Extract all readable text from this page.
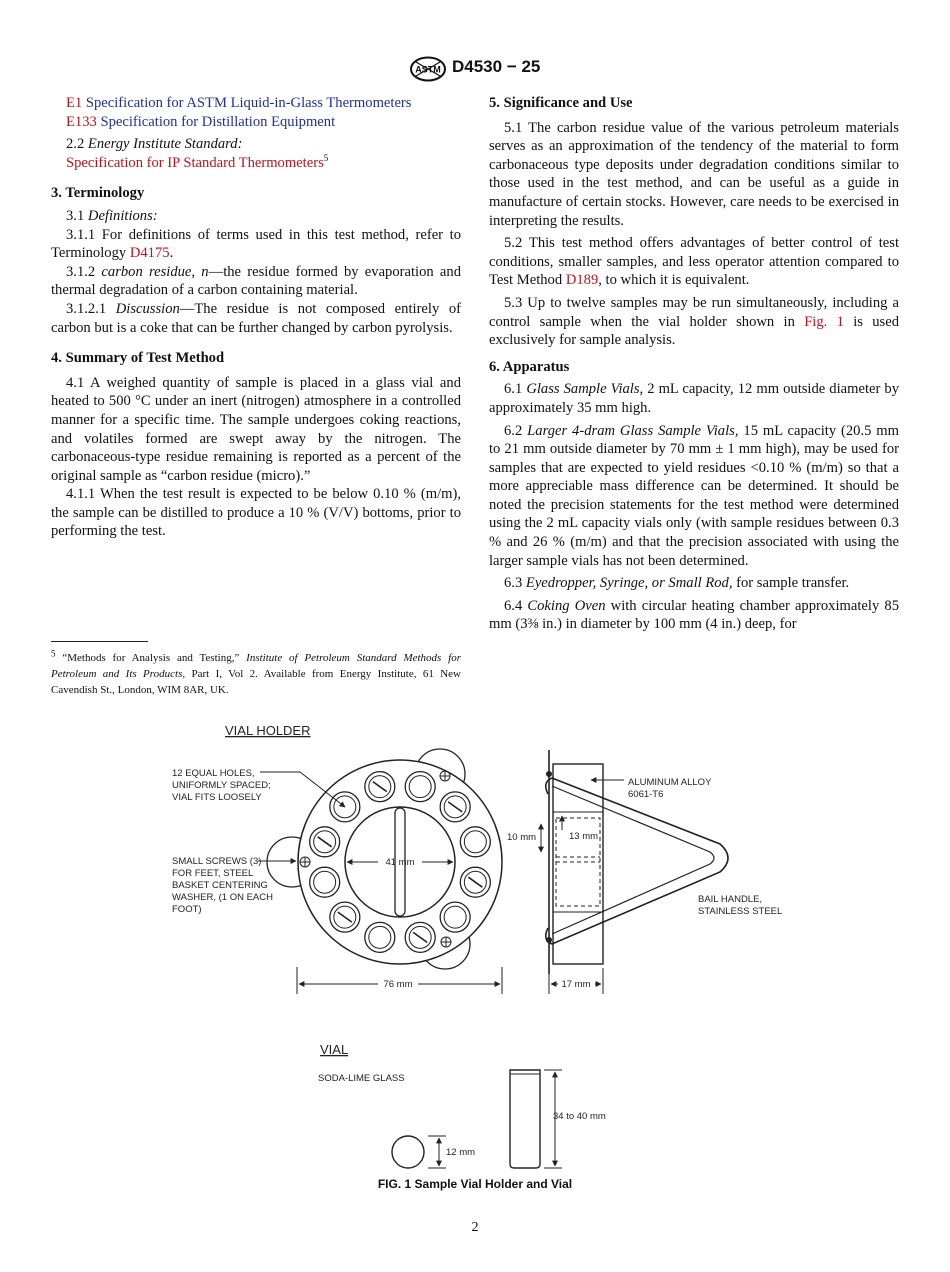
ASTM D4530 − 25

E1 Specification for ASTM Liquid-in-Glass Thermometers

E133 Specification for Distillation Equipment

2.2 Energy Institute Standard:

Specification for IP Standard Thermometers$^5$

3. Terminology

3.1 Definitions:

3.1.1 For definitions of terms used in this test method, refer to Terminology D4175.

3.1.2 carbon residue, n—the residue formed by evaporation and thermal degradation of a carbon containing material.

3.1.2.1 Discussion—The residue is not composed entirely of carbon but is a coke that can be further changed by carbon pyrolysis.

4. Summary of Test Method

4.1 A weighed quantity of sample is placed in a glass vial and heated to 500 °C under an inert (nitrogen) atmosphere in a controlled manner for a specific time. The sample undergoes coking reactions, and volatiles formed are swept away by the nitrogen. The carbonaceous-type residue remaining is reported as a percent of the original sample as “carbon residue (micro).”

4.1.1 When the test result is expected to be below 0.10 % (m/m), the sample can be distilled to produce a 10 % (V/V) bottoms, prior to performing the test.

$^5$ “Methods for Analysis and Testing,” Institute of Petroleum Standard Methods for Petroleum and Its Products, Part I, Vol 2. Available from Energy Institute, 61 New Cavendish St., London, WIM 8AR, UK.

5. Significance and Use

5.1 The carbon residue value of the various petroleum materials serves as an approximation of the tendency of the material to form carbonaceous type deposits under degradation conditions similar to those used in the test method, and can be useful as a guide in manufacture of certain stocks. However, care needs to be exercised in interpreting the results.

5.2 This test method offers advantages of better control of test conditions, smaller samples, and less operator attention compared to Test Method D189, to which it is equivalent.

5.3 Up to twelve samples may be run simultaneously, including a control sample when the vial holder shown in Fig. 1 is used exclusively for sample analysis.

6. Apparatus

6.1 Glass Sample Vials, 2 mL capacity, 12 mm outside diameter by approximately 35 mm high.

6.2 Larger 4-dram Glass Sample Vials, 15 mL capacity (20.5 mm to 21 mm outside diameter by 70 mm ± 1 mm high), may be used for samples that are expected to yield residues <0.10 % (m/m) so that a more appreciable mass difference can be determined. It should be noted the precision statements for the test method were determined using the 2 mL capacity vials only (with sample residues between 0.3 % and 26 % (m/m) and that the precision associated with using the larger sample vials has not been determined.

6.3 Eyedropper, Syringe, or Small Rod, for sample transfer.

6.4 Coking Oven with circular heating chamber approximately 85 mm (3⅜ in.) in diameter by 100 mm (4 in.) deep, for

VIAL HOLDER
41 mm
76 mm
12 EQUAL HOLES,
UNIFORMLY SPACED;
VIAL FITS LOOSELY
SMALL SCREWS (3)
FOR FEET, STEEL
BASKET CENTERING
WASHER, (1 ON EACH
FOOT)
ALUMINUM ALLOY
6061-T6
10 mm	13 mm
BAIL HANDLE,
STAINLESS STEEL
17 mm
VIAL
SODA-LIME GLASS
12 mm
34 to 40 mm
FIG. 1 Sample Vial Holder and Vial
2
